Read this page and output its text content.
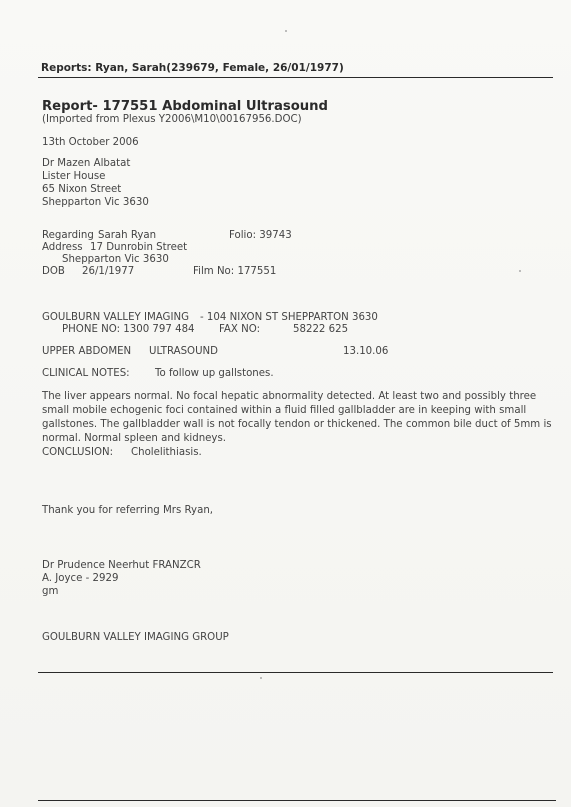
Reports: Ryan, Sarah(239679, Female, 26/01/1977)
Report- 177551 Abdominal Ultrasound
(Imported from Plexus Y2006\M10\00167956.DOC)
13th October 2006
Dr Mazen Albatat
Lister House
65 Nixon Street
Shepparton Vic 3630
Regarding Sarah Ryan	Folio: 39743
Address 17 Dunrobin Street
Shepparton Vic 3630
DOB 26/1/1977	Film No: 177551
GOULBURN VALLEY IMAGING - 104 NIXON ST SHEPPARTON 3630
PHONE NO: 1300 797 484 FAX NO:	58222 625
UPPER ABDOMEN ULTRASOUND	13.10.06
CLINICAL NOTES: To follow up gallstones.
The liver appears normal. No focal hepatic abnormality detected. At least two and possibly three small mobile echogenic foci contained within a fluid filled gallbladder are in keeping with small gallstones. The gallbladder wall is not focally tendon or thickened. The common bile duct of 5mm is normal. Normal spleen and kidneys.
CONCLUSION: Cholelithiasis.
Thank you for referring Mrs Ryan,
Dr Prudence Neerhut FRANZCR
A. Joyce - 2929
gm
GOULBURN VALLEY IMAGING GROUP
